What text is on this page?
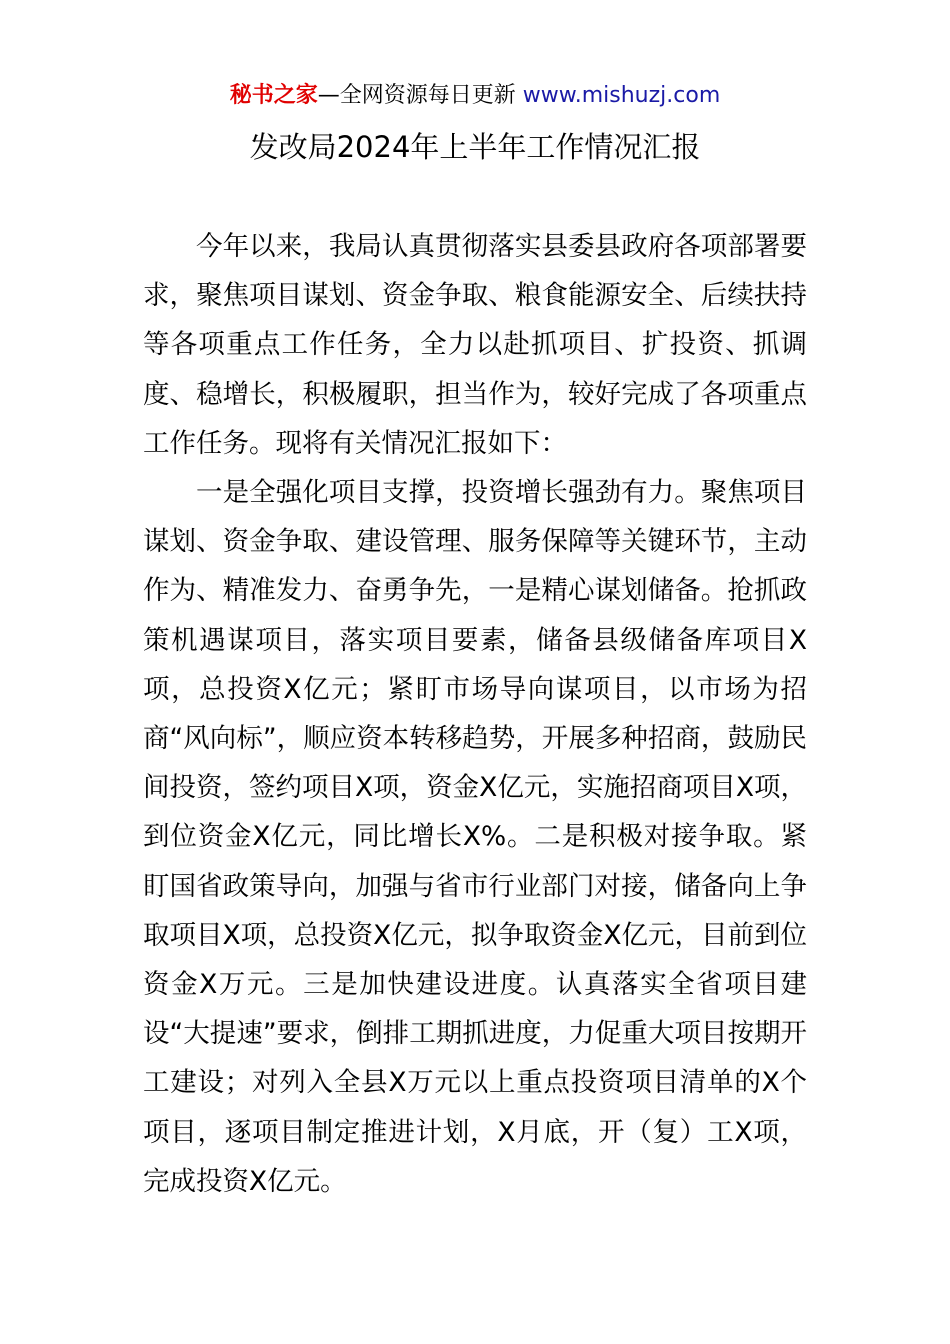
秘书之家—全网资源每日更新 www.mishuzj.com
发改局2024年上半年工作情况汇报

今年以来，我局认真贯彻落实县委县政府各项部署要求，聚焦项目谋划、资金争取、粮食能源安全、后续扶持等各项重点工作任务，全力以赴抓项目、扩投资、抓调度、稳增长，积极履职，担当作为，较好完成了各项重点工作任务。现将有关情况汇报如下：

一是全强化项目支撑，投资增长强劲有力。聚焦项目谋划、资金争取、建设管理、服务保障等关键环节，主动作为、精准发力、奋勇争先，一是精心谋划储备。抢抓政策机遇谋项目，落实项目要素，储备县级储备库项目X项，总投资X亿元；紧盯市场导向谋项目，以市场为招商“风向标”，顺应资本转移趋势，开展多种招商，鼓励民间投资，签约项目X项，资金X亿元，实施招商项目X项，到位资金X亿元，同比增长X%。二是积极对接争取。紧盯国省政策导向，加强与省市行业部门对接，储备向上争取项目X项，总投资X亿元，拟争取资金X亿元，目前到位资金X万元。三是加快建设进度。认真落实全省项目建设“大提速”要求，倒排工期抓进度，力促重大项目按期开工建设；对列入全县X万元以上重点投资项目清单的X个项目，逐项目制定推进计划，X月底，开（复）工X项，完成投资X亿元。
